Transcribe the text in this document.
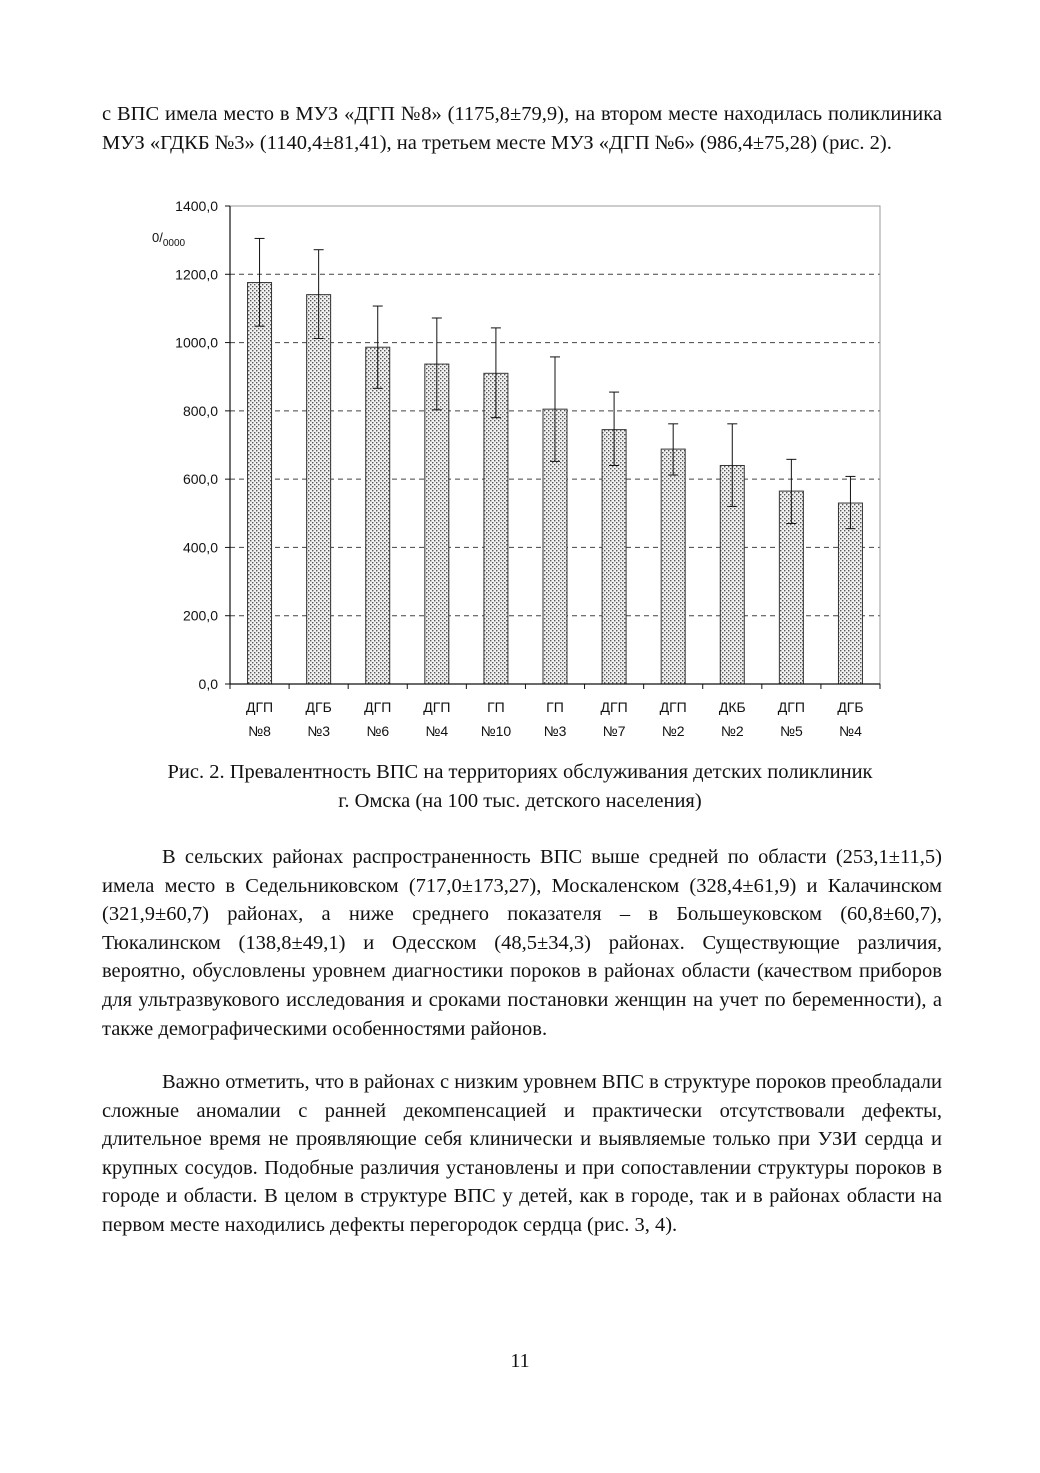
с ВПС имела место в МУЗ «ДГП №8» (1175,8±79,9), на втором месте находилась поликлиника МУЗ «ГДКБ №3» (1140,4±81,41), на третьем месте МУЗ «ДГП №6» (986,4±75,28) (рис. 2).

0,0
200,0
400,0
600,0
800,0
1000,0
1200,0
1400,0
ДГП
№8
ДГБ
№3
ДГП
№6
ДГП
№4
ГП
№10
ГП
№3
ДГП
№7
ДГП
№2
ДКБ
№2
ДГП
№5
ДГБ
№4
$0/_{0000}$

Рис. 2. Превалентность ВПС на территориях обслуживания детских поликлиник
г. Омска (на 100 тыс. детского населения)

В сельских районах распространенность ВПС выше средней по области (253,1±11,5) имела место в Седельниковском (717,0±173,27), Москаленском (328,4±61,9) и Калачинском (321,9±60,7) районах, а ниже среднего показателя – в Большеуковском (60,8±60,7), Тюкалинском (138,8±49,1) и Одесском (48,5±34,3) районах. Существующие различия, вероятно, обусловлены уровнем диагностики пороков в районах области (качеством приборов для ультразвукового исследования и сроками постановки женщин на учет по беременности), а также демографическими особенностями районов.

Важно отметить, что в районах с низким уровнем ВПС в структуре пороков преобладали сложные аномалии с ранней декомпенсацией и практически отсутствовали дефекты, длительное время не проявляющие себя клинически и выявляемые только при УЗИ сердца и крупных сосудов. Подобные различия установлены и при сопоставлении структуры пороков в городе и области. В целом в структуре ВПС у детей, как в городе, так и в районах области на первом месте находились дефекты перегородок сердца (рис. 3, 4).

11
